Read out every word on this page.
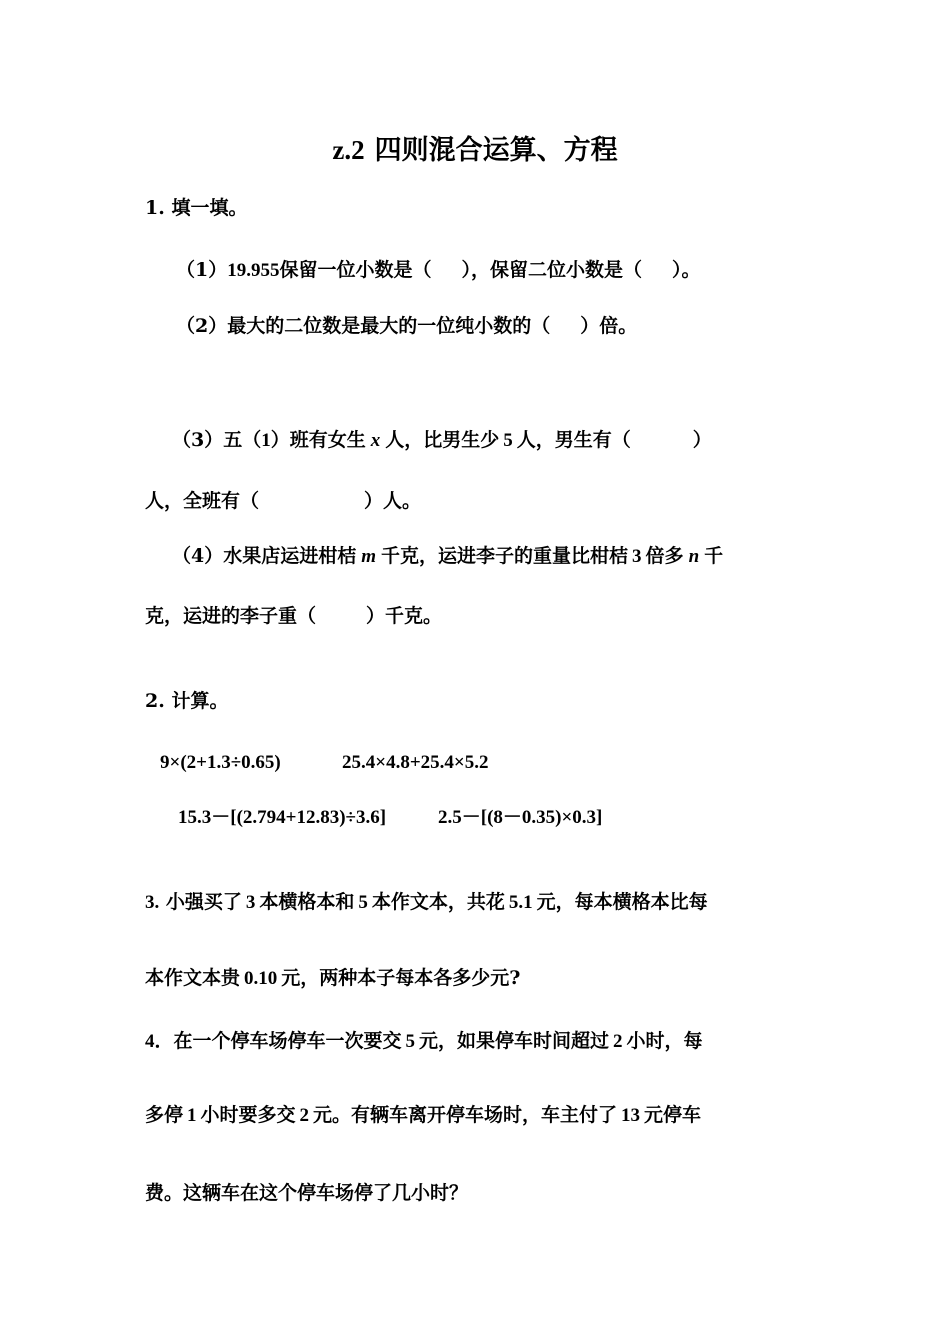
z.2 四则混合运算、方程
1. 填一填。
（1）19.955保留一位小数是（ ），保留二位小数是（ ）。
（2）最大的二位数是最大的一位纯小数的（ ）倍。
（3）五（1）班有女生 x 人，比男生少 5 人，男生有（	）
人，全班有（	）人。
（4）水果店运进柑桔 m 千克，运进李子的重量比柑桔 3 倍多 n 千
克，运进的李子重（	）千克。
2. 计算。
9×(2+1.3÷0.65)	25.4×4.8+25.4×5.2
15.3－[(2.794+12.83)÷3.6]	2.5－[(8－0.35)×0.3]
3. 小强买了 3 本横格本和 5 本作文本，共花 5.1 元，每本横格本比每
本作文本贵 0.10 元，两种本子每本各多少元?
4．在一个停车场停车一次要交 5 元，如果停车时间超过 2 小时，每
多停 1 小时要多交 2 元。有辆车离开停车场时，车主付了 13 元停车
费。这辆车在这个停车场停了几小时？
